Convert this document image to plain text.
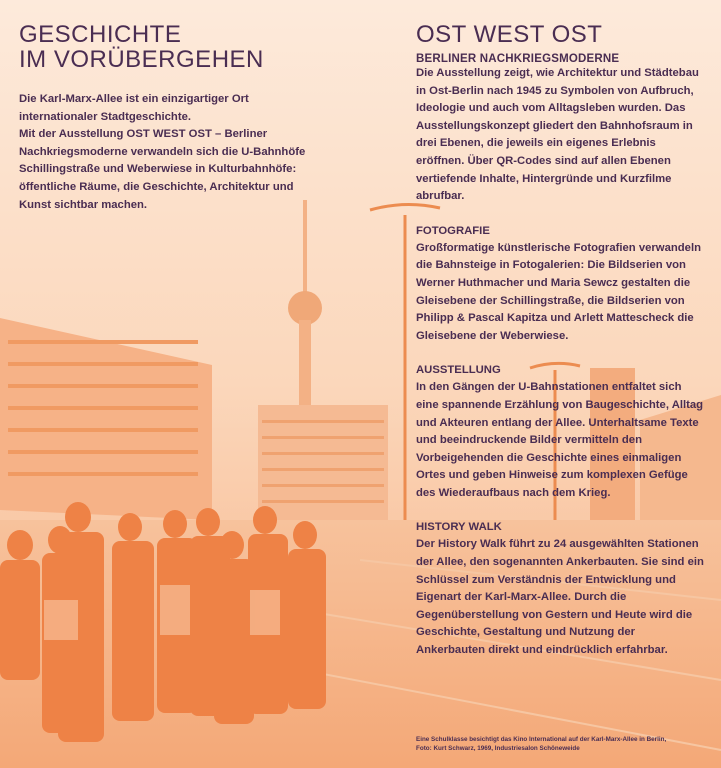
GESCHICHTE
IM VORÜBERGEHEN

Die Karl-Marx-Allee ist ein einzigartiger Ort internationaler Stadtgeschichte.

Mit der Ausstellung OST WEST OST – Berliner Nachkriegsmoderne verwandeln sich die U-Bahnhöfe Schillingstraße und Weberwiese in Kulturbahnhöfe: öffentliche Räume, die Geschichte, Architektur und Kunst sichtbar machen.

OST WEST OST
BERLINER NACHKRIEGSMODERNE

Die Ausstellung zeigt, wie Architektur und Städtebau in Ost-Berlin nach 1945 zu Symbolen von Aufbruch, Ideologie und auch vom Alltagsleben wurden. Das Ausstellungskonzept gliedert den Bahnhofsraum in drei Ebenen, die jeweils ein eigenes Erlebnis eröffnen. Über QR-Codes sind auf allen Ebenen vertiefende Inhalte, Hintergründe und Kurzfilme abrufbar.

FOTOGRAFIE

Großformatige künstlerische Fotografien verwandeln die Bahnsteige in Fotogalerien: Die Bildserien von Werner Huthmacher und Maria Sewcz gestalten die Gleisebene der Schillingstraße, die Bildserien von Philipp & Pascal Kapitza und Arlett Mattescheck die Gleisebene der Weberwiese.

AUSSTELLUNG

In den Gängen der U-Bahnstationen entfaltet sich eine spannende Erzählung von Baugeschichte, Alltag und Akteuren entlang der Allee. Unterhaltsame Texte und beeindruckende Bilder vermitteln den Vorbeigehenden die Geschichte eines einmaligen Ortes und geben Hinweise zum komplexen Gefüge des Wiederaufbaus nach dem Krieg.

HISTORY WALK

Der History Walk führt zu 24 ausgewählten Stationen der Allee, den sogenannten Ankerbauten. Sie sind ein Schlüssel zum Verständnis der Entwicklung und Eigenart der Karl-Marx-Allee. Durch die Gegenüberstellung von Gestern und Heute wird die Geschichte, Gestaltung und Nutzung der Ankerbauten direkt und eindrücklich erfahrbar.

Eine Schulklasse besichtigt das Kino International auf der Karl-Marx-Allee in Berlin,
Foto: Kurt Schwarz, 1969, Industriesalon Schöneweide
